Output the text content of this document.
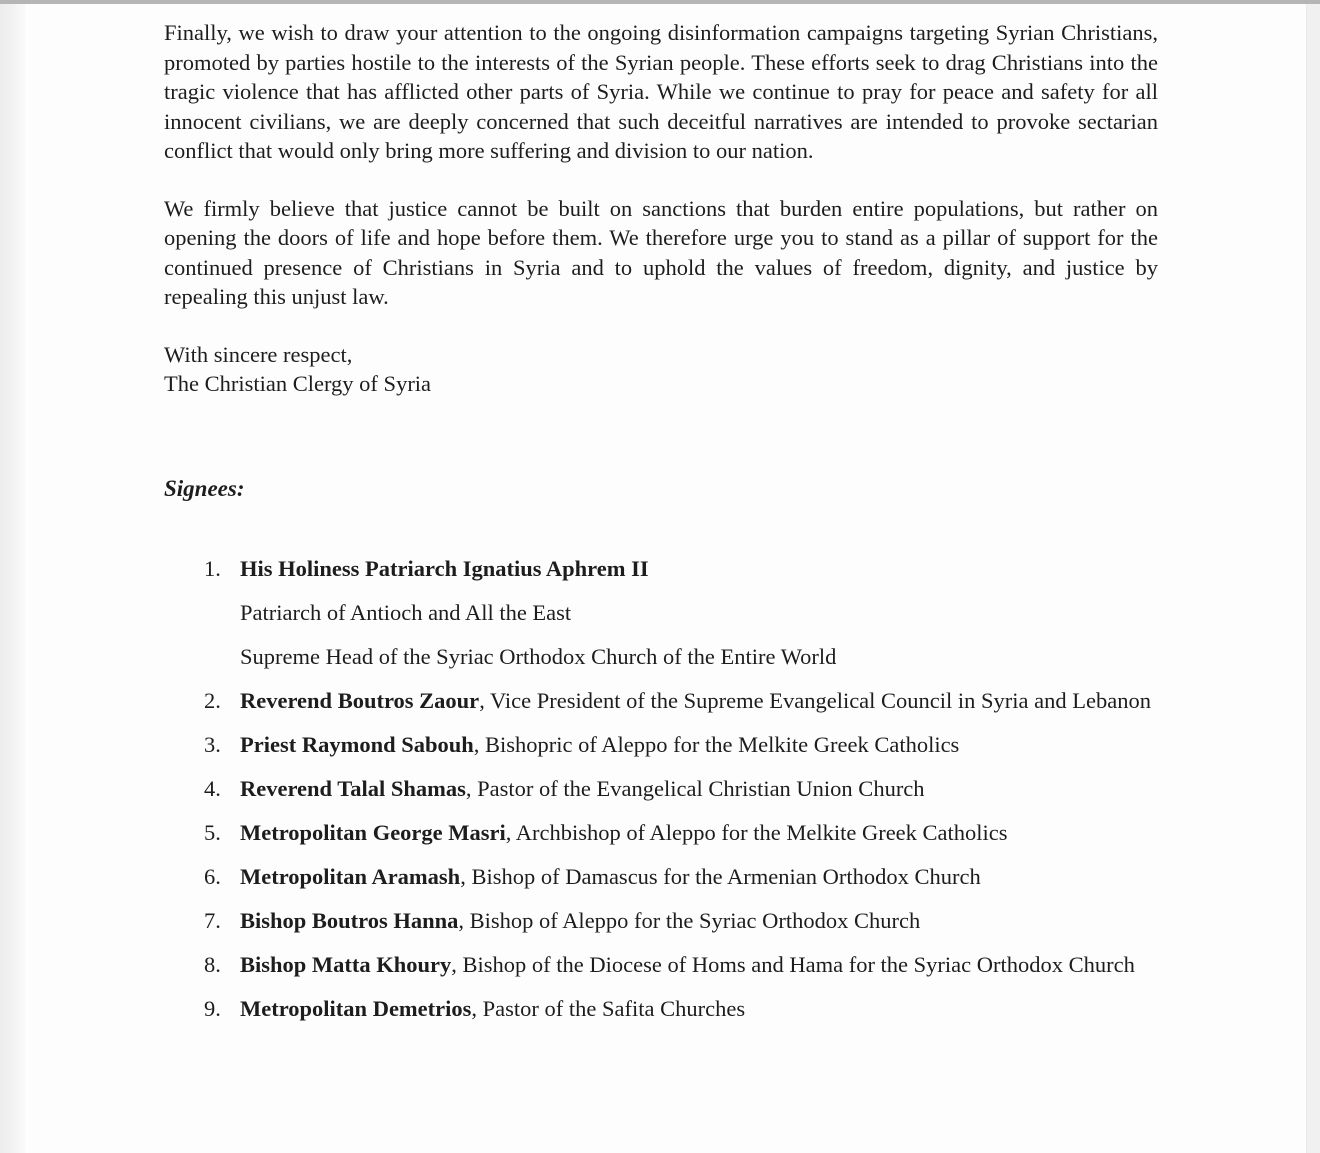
Finally, we wish to draw your attention to the ongoing disinformation campaigns targeting Syrian Christians, promoted by parties hostile to the interests of the Syrian people. These efforts seek to drag Christians into the tragic violence that has afflicted other parts of Syria. While we continue to pray for peace and safety for all innocent civilians, we are deeply concerned that such deceitful narratives are intended to provoke sectarian conflict that would only bring more suffering and division to our nation.
We firmly believe that justice cannot be built on sanctions that burden entire populations, but rather on opening the doors of life and hope before them. We therefore urge you to stand as a pillar of support for the continued presence of Christians in Syria and to uphold the values of freedom, dignity, and justice by repealing this unjust law.
With sincere respect,
The Christian Clergy of Syria
Signees:
1. His Holiness Patriarch Ignatius Aphrem II
Patriarch of Antioch and All the East
Supreme Head of the Syriac Orthodox Church of the Entire World
2. Reverend Boutros Zaour, Vice President of the Supreme Evangelical Council in Syria and Lebanon
3. Priest Raymond Sabouh, Bishopric of Aleppo for the Melkite Greek Catholics
4. Reverend Talal Shamas, Pastor of the Evangelical Christian Union Church
5. Metropolitan George Masri, Archbishop of Aleppo for the Melkite Greek Catholics
6. Metropolitan Aramash, Bishop of Damascus for the Armenian Orthodox Church
7. Bishop Boutros Hanna, Bishop of Aleppo for the Syriac Orthodox Church
8. Bishop Matta Khoury, Bishop of the Diocese of Homs and Hama for the Syriac Orthodox Church
9. Metropolitan Demetrios, Pastor of the Safita Churches
